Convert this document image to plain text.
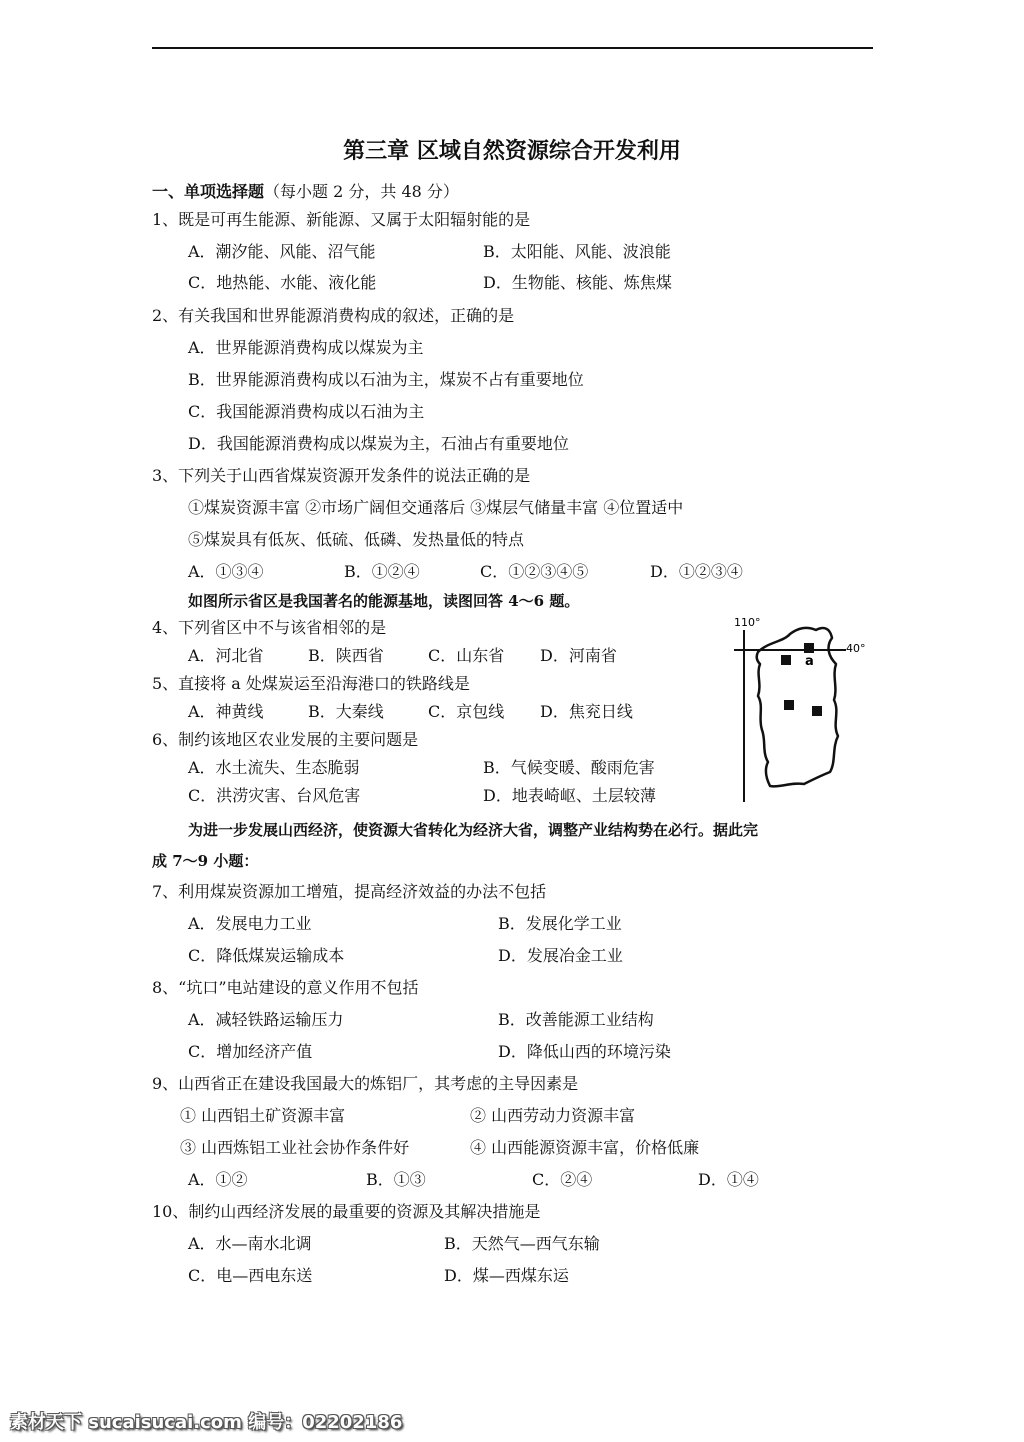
第三章 区域自然资源综合开发利用
一、单项选择题（每小题 2 分，共 48 分）
1、既是可再生能源、新能源、又属于太阳辐射能的是
A．潮汐能、风能、沼气能	B．太阳能、风能、波浪能
C．地热能、水能、液化能	D．生物能、核能、炼焦煤
2、有关我国和世界能源消费构成的叙述，正确的是
A．世界能源消费构成以煤炭为主
B．世界能源消费构成以石油为主，煤炭不占有重要地位
C．我国能源消费构成以石油为主
D．我国能源消费构成以煤炭为主，石油占有重要地位
3、下列关于山西省煤炭资源开发条件的说法正确的是
①煤炭资源丰富 ②市场广阔但交通落后 ③煤层气储量丰富 ④位置适中
⑤煤炭具有低灰、低硫、低磷、发热量低的特点
A．①③④	B．①②④	C．①②③④⑤	D．①②③④
如图所示省区是我国著名的能源基地，读图回答 4～6 题。
4、下列省区中不与该省相邻的是
A．河北省	B．陕西省	C．山东省 D．河南省
5、直接将 a 处煤炭运至沿海港口的铁路线是
A．神黄线	B．大秦线	C．京包线 D．焦兖日线
6、制约该地区农业发展的主要问题是
A．水土流失、生态脆弱	B．气候变暖、酸雨危害
C．洪涝灾害、台风危害	D．地表崎岖、土层较薄
110°
40°
a
为进一步发展山西经济，使资源大省转化为经济大省，调整产业结构势在必行。据此完
成 7～9 小题：
7、利用煤炭资源加工增殖，提高经济效益的办法不包括
A．发展电力工业	B．发展化学工业
C．降低煤炭运输成本	D．发展冶金工业
8、“坑口”电站建设的意义作用不包括
A．减轻铁路运输压力	B．改善能源工业结构
C．增加经济产值	D．降低山西的环境污染
9、山西省正在建设我国最大的炼铝厂，其考虑的主导因素是
① 山西铝土矿资源丰富	② 山西劳动力资源丰富
③ 山西炼铝工业社会协作条件好	④ 山西能源资源丰富，价格低廉
A．①②	B．①③	C．②④	D．①④
10、制约山西经济发展的最重要的资源及其解决措施是
A．水—南水北调	B．天然气—西气东输
C．电—西电东送	D．煤—西煤东运
素材天下 sucaisucai.com 编号：02202186
